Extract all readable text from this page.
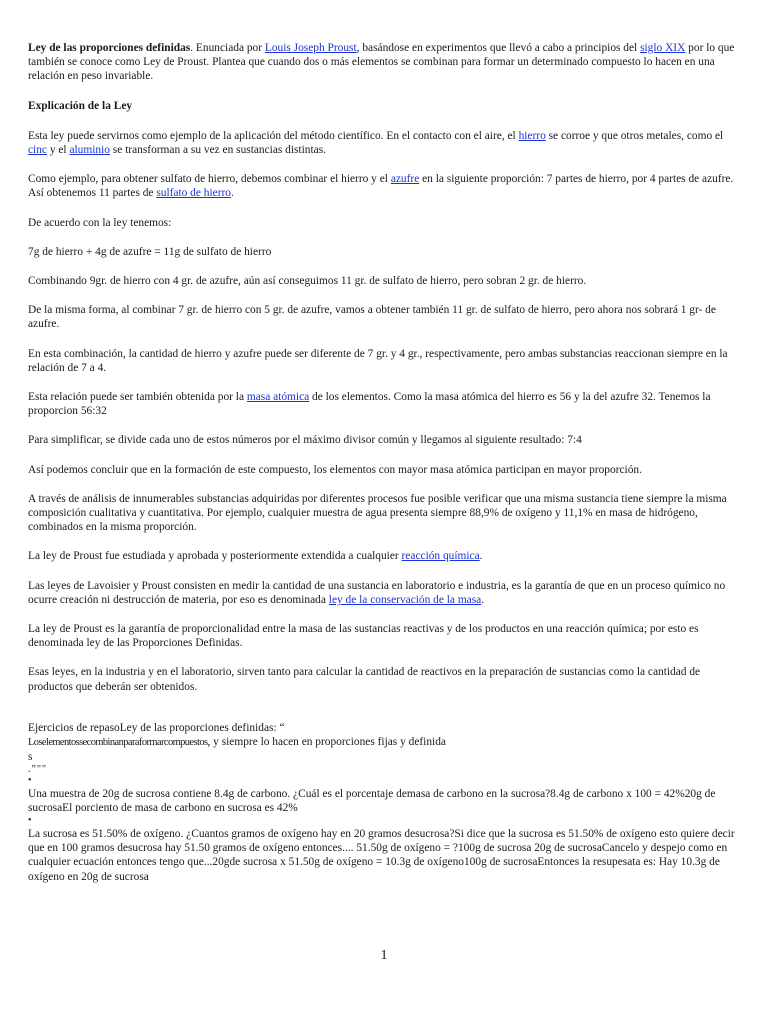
Ley de las proporciones definidas. Enunciada por Louis Joseph Proust, basándose en experimentos que llevó a cabo a principios del siglo XIX por lo que también se conoce como Ley de Proust. Plantea que cuando dos o más elementos se combinan para formar un determinado compuesto lo hacen en una relación en peso invariable.

Explicación de la Ley

Esta ley puede servirnos como ejemplo de la aplicación del método científico. En el contacto con el aire, el hierro se corroe y que otros metales, como el cinc y el aluminio se transforman a su vez en sustancias distintas.

Como ejemplo, para obtener sulfato de hierro, debemos combinar el hierro y el azufre en la siguiente proporción: 7 partes de hierro, por 4 partes de azufre. Así obtenemos 11 partes de sulfato de hierro.

De acuerdo con la ley tenemos:

7g de hierro + 4g de azufre = 11g de sulfato de hierro

Combinando 9gr. de hierro con 4 gr. de azufre, aún así conseguimos 11 gr. de sulfato de hierro, pero sobran 2 gr. de hierro.

De la misma forma, al combinar 7 gr. de hierro con 5 gr. de azufre, vamos a obtener también 11 gr. de sulfato de hierro, pero ahora nos sobrará 1 gr- de azufre.

En esta combinación, la cantidad de hierro y azufre puede ser diferente de 7 gr. y 4 gr., respectivamente, pero ambas substancias reaccionan siempre en la relación de 7 a 4.

Esta relación puede ser también obtenida por la masa atómica de los elementos. Como la masa atómica del hierro es 56 y la del azufre 32. Tenemos la proporcion 56:32

Para simplificar, se divide cada uno de estos números por el máximo divisor común y llegamos al siguiente resultado: 7:4

Así podemos concluir que en la formación de este compuesto, los elementos con mayor masa atómica participan en mayor proporción.

A través de análisis de innumerables substancias adquiridas por diferentes procesos fue posible verificar que una misma sustancia tiene siempre la misma composición cualitativa y cuantitativa. Por ejemplo, cualquier muestra de agua presenta siempre 88,9% de oxígeno y 11,1% en masa de hidrógeno, combinados en la misma proporción.

La ley de Proust fue estudiada y aprobada y posteriormente extendida a cualquier reacción química.

Las leyes de Lavoisier y Proust consisten en medir la cantidad de una sustancia en laboratorio e industria, es la garantía de que en un proceso químico no ocurre creación ni destrucción de materia, por eso es denominada ley de la conservación de la masa.

La ley de Proust es la garantía de proporcionalidad entre la masa de las sustancias reactivas y de los productos en una reacción química; por esto es denominada ley de las Proporciones Definidas.

Esas leyes, en la industria y en el laboratorio, sirven tanto para calcular la cantidad de reactivos en la preparación de sustancias como la cantidad de productos que deberán ser obtenidos.

Ejercicios de repasoLey de las proporciones definidas: “

Loselementossecombinanparaformarcompuestos, y siempre lo hacen en proporciones fijas y definida

s

.”""

•

Una muestra de 20g de sucrosa contiene 8.4g de carbono. ¿Cuál es el porcentaje demasa de carbono en la sucrosa?8.4g de carbono x 100 = 42%20g de sucrosaEl porciento de masa de carbono en sucrosa es 42%

•

La sucrosa es 51.50% de oxígeno. ¿Cuantos gramos de oxígeno hay en 20 gramos desucrosa?Si dice que la sucrosa es 51.50% de oxígeno esto quiere decir que en 100 gramos desucrosa hay 51.50 gramos de oxígeno entonces.... 51.50g de oxígeno = ?100g de sucrosa 20g de sucrosaCancelo y despejo como en cualquier ecuación entonces tengo que...20gde sucrosa x 51.50g de oxígeno = 10.3g de oxígeno100g de sucrosaEntonces la resupesata es: Hay 10.3g de oxígeno en 20g de sucrosa

1
